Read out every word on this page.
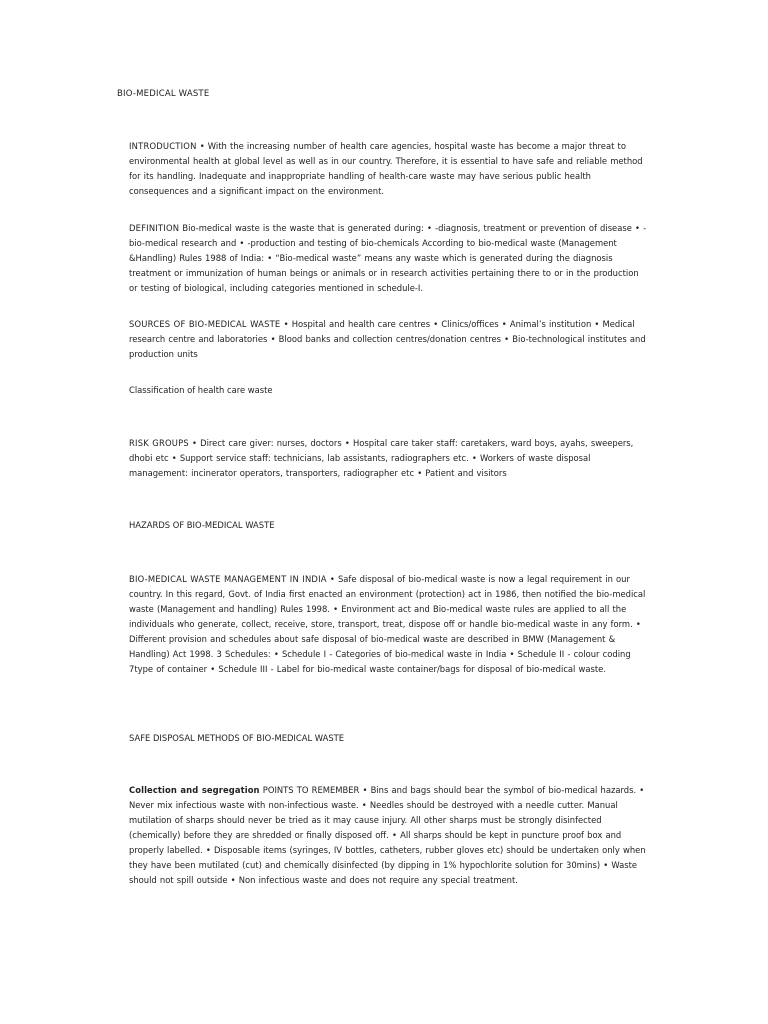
BIO-MEDICAL WASTE

INTRODUCTION • With the increasing number of health care agencies, hospital waste has become a major threat to environmental health at global level as well as in our country. Therefore, it is essential to have safe and reliable method for its handling. Inadequate and inappropriate handling of health-care waste may have serious public health consequences and a significant impact on the environment.

DEFINITION Bio-medical waste is the waste that is generated during: • -diagnosis, treatment or prevention of disease • -bio-medical research and • -production and testing of bio-chemicals According to bio-medical waste (Management &Handling) Rules 1988 of India: • “Bio-medical waste” means any waste which is generated during the diagnosis treatment or immunization of human beings or animals or in research activities pertaining there to or in the production or testing of biological, including categories mentioned in schedule-I.

SOURCES OF BIO-MEDICAL WASTE • Hospital and health care centres • Clinics/offices • Animal’s institution • Medical research centre and laboratories • Blood banks and collection centres/donation centres • Bio-technological institutes and production units

Classification of health care waste

RISK GROUPS • Direct care giver: nurses, doctors • Hospital care taker staff: caretakers, ward boys, ayahs, sweepers, dhobi etc • Support service staff: technicians, lab assistants, radiographers etc. • Workers of waste disposal management: incinerator operators, transporters, radiographer etc • Patient and visitors

HAZARDS OF BIO-MEDICAL WASTE

BIO-MEDICAL WASTE MANAGEMENT IN INDIA • Safe disposal of bio-medical waste is now a legal requirement in our country. In this regard, Govt. of India first enacted an environment (protection) act in 1986, then notified the bio-medical waste (Management and handling) Rules 1998. • Environment act and Bio-medical waste rules are applied to all the individuals who generate, collect, receive, store, transport, treat, dispose off or handle bio-medical waste in any form. • Different provision and schedules about safe disposal of bio-medical waste are described in BMW (Management & Handling) Act 1998. 3 Schedules: • Schedule I - Categories of bio-medical waste in India • Schedule II - colour coding 7type of container • Schedule III - Label for bio-medical waste container/bags for disposal of bio-medical waste.

SAFE DISPOSAL METHODS OF BIO-MEDICAL WASTE

Collection and segregation POINTS TO REMEMBER • Bins and bags should bear the symbol of bio-medical hazards. • Never mix infectious waste with non-infectious waste. • Needles should be destroyed with a needle cutter. Manual mutilation of sharps should never be tried as it may cause injury. All other sharps must be strongly disinfected (chemically) before they are shredded or finally disposed off. • All sharps should be kept in puncture proof box and properly labelled. • Disposable items (syringes, IV bottles, catheters, rubber gloves etc) should be undertaken only when they have been mutilated (cut) and chemically disinfected (by dipping in 1% hypochlorite solution for 30mins) • Waste should not spill outside • Non infectious waste and does not require any special treatment.
